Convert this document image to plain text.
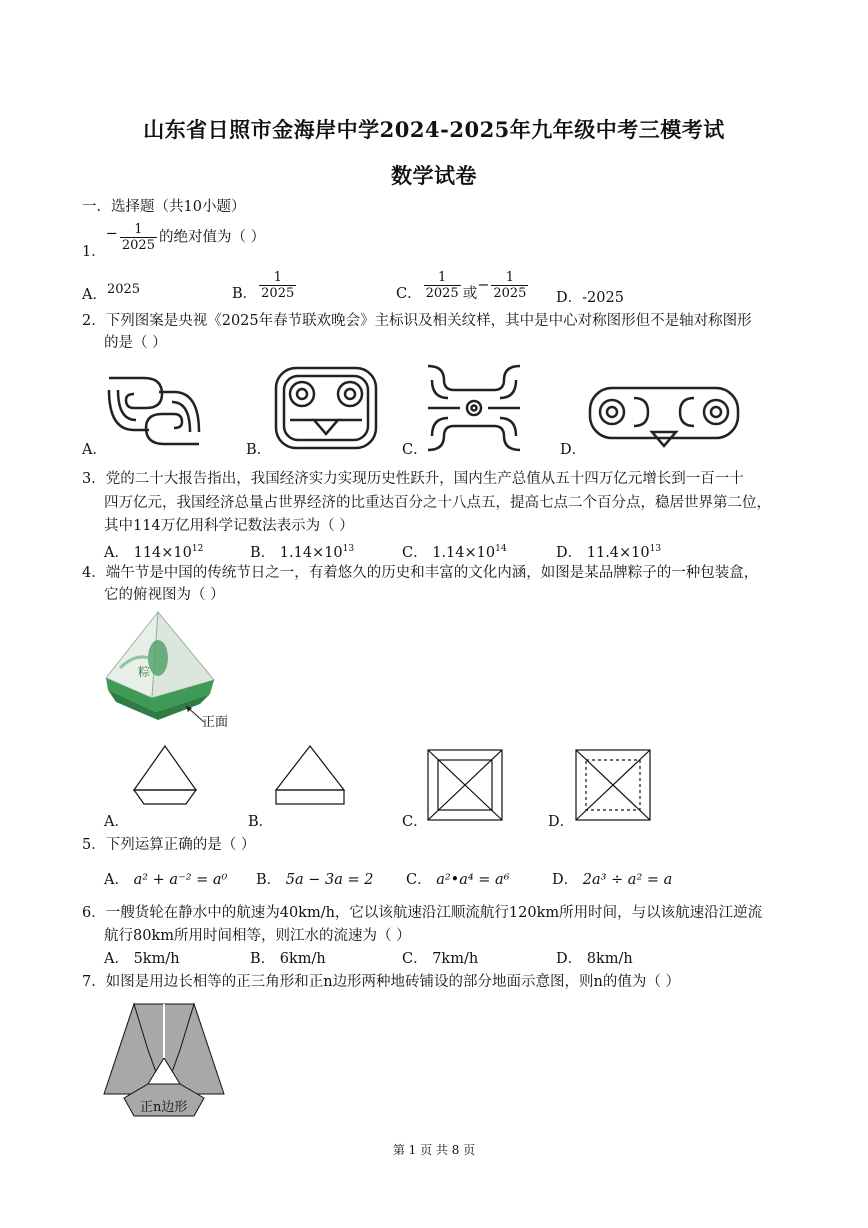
山东省日照市金海岸中学2024-2025年九年级中考三模考试
数学试卷
一．选择题（共10小题）
1．− $\frac{1}{2025}$ 的绝对值为（ ）
A．2025	B． $\frac{1}{2025}$	C． $\frac{1}{2025}$ 或− $\frac{1}{2025}$ D．-2025
2．下列图案是央视《2025年春节联欢晚会》主标识及相关纹样，其中是中心对称图形但不是轴对称图形
的是（ ）
A．	B．	C．	D．
3．党的二十大报告指出，我国经济实力实现历史性跃升，国内生产总值从五十四万亿元增长到一百一十
四万亿元，我国经济总量占世界经济的比重达百分之十八点五，提高七点二个百分点，稳居世界第二位，
其中114万亿用科学记数法表示为（ ）
A． $114\times 10^{12}$	B． $1.14\times 10^{13}$	C． $1.14\times 10^{14}$	D． $11.4\times 10^{13}$
4．端午节是中国的传统节日之一，有着悠久的历史和丰富的文化内涵，如图是某品牌粽子的一种包装盒，
它的俯视图为（ ）
粽
正面
A．	B．	C．	D．
5．下列运算正确的是（ ）
A． a² + a⁻² = a⁰ B． 5a − 3a = 2 C． a²•a⁴ = a⁶	D． 2a³ ÷ a² = a
6．一艘货轮在静水中的航速为40km/h，它以该航速沿江顺流航行120km所用时间，与以该航速沿江逆流
航行80km所用时间相等，则江水的流速为（ ）
A． 5km/h	B． 6km/h	C． 7km/h	D． 8km/h
7．如图是用边长相等的正三角形和正n边形两种地砖铺设的部分地面示意图，则n的值为（ ）
正n边形
第 1 页 共 8 页
